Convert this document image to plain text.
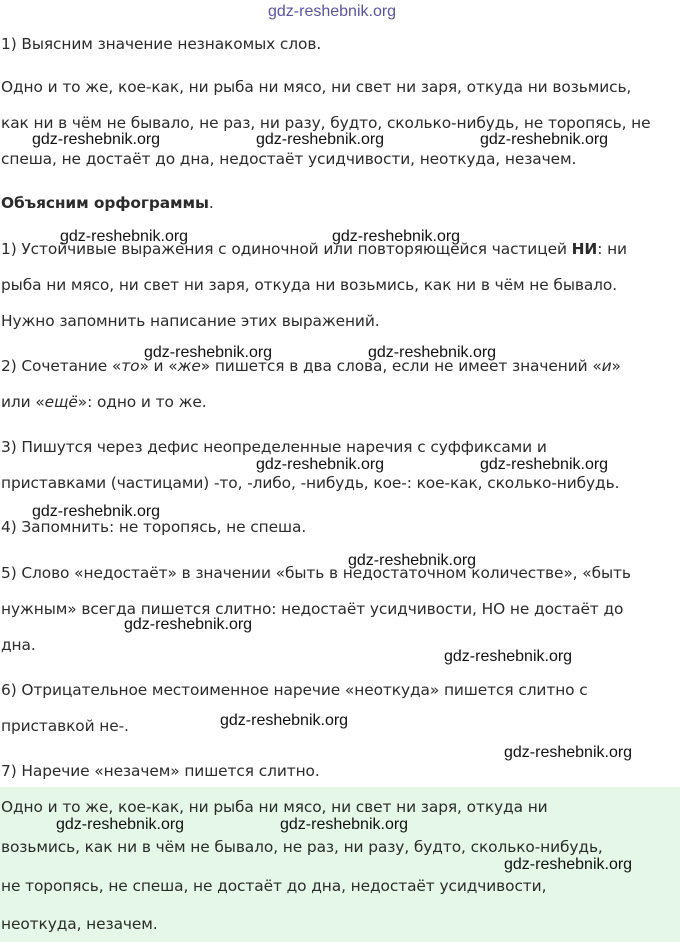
1) Выясним значение незнакомых слов.
Одно и то же, кое-как, ни рыба ни мясо, ни свет ни заря, откуда ни возьмись,
как ни в чём не бывало, не раз, ни разу, будто, сколько-нибудь, не торопясь, не
спеша, не достаёт до дна, недостаёт усидчивости, неоткуда, незачем.
Объясним орфограммы.
1) Устойчивые выражения с одиночной или повторяющейся частицей НИ: ни
рыба ни мясо, ни свет ни заря, откуда ни возьмись, как ни в чём не бывало.
Нужно запомнить написание этих выражений.
2) Сочетание «то» и «же» пишется в два слова, если не имеет значений «и»
или «ещё»: одно и то же.
3) Пишутся через дефис неопределенные наречия с суффиксами и
приставками (частицами) -то, -либо, -нибудь, кое-: кое-как, сколько-нибудь.
4) Запомнить: не торопясь, не спеша.
5) Слово «недостаёт» в значении «быть в недостаточном количестве», «быть
нужным» всегда пишется слитно: недостаёт усидчивости, НО не достаёт до
дна.
6) Отрицательное местоименное наречие «неоткуда» пишется слитно с
приставкой не-.
7) Наречие «незачем» пишется слитно.
Одно и то же, кое-как, ни рыба ни мясо, ни свет ни заря, откуда ни
возьмись, как ни в чём не бывало, не раз, ни разу, будто, сколько-нибудь,
не торопясь, не спеша, не достаёт до дна, недостаёт усидчивости,
неоткуда, незачем.
gdz-reshebnik.org
gdz-reshebnik.org	gdz-reshebnik.org	gdz-reshebnik.org
gdz-reshebnik.org	gdz-reshebnik.org
gdz-reshebnik.org	gdz-reshebnik.org
gdz-reshebnik.org	gdz-reshebnik.org
gdz-reshebnik.org
gdz-reshebnik.org
gdz-reshebnik.org
gdz-reshebnik.org
gdz-reshebnik.org
gdz-reshebnik.org
gdz-reshebnik.org	gdz-reshebnik.org
gdz-reshebnik.org
